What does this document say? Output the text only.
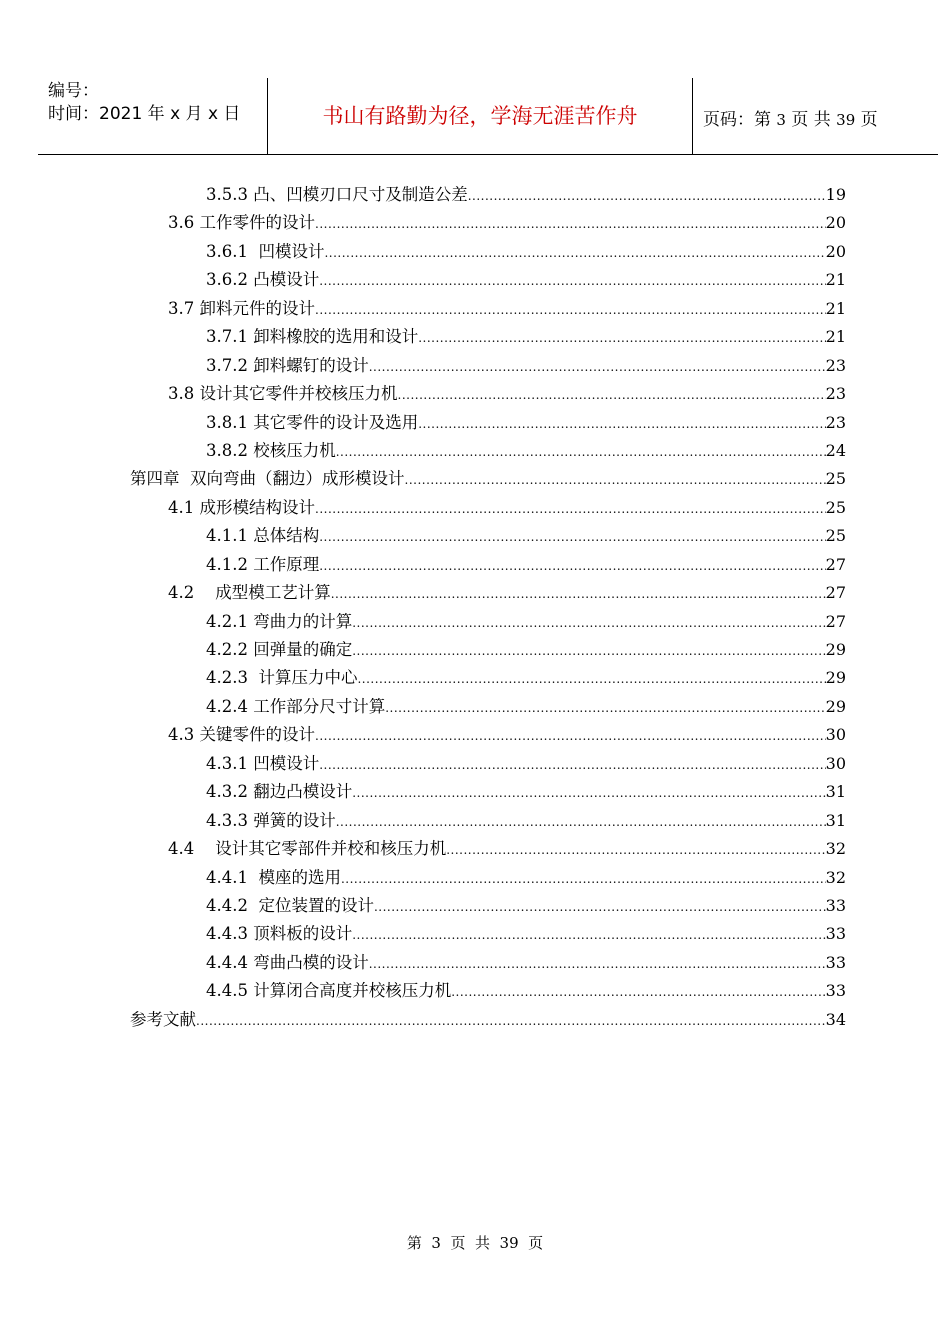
编号：
时间：2021 年 x 月 x 日	书山有路勤为径，学海无涯苦作舟	页码：第 3 页 共 39 页
3.5.3 凸、凹模刃口尺寸及制造公差 .....	19
3.6 工作零件的设计 .....	20
3.6.1  凹模设计 .....	20
3.6.2 凸模设计 .....	21
3.7 卸料元件的设计 .....	21
3.7.1 卸料橡胶的选用和设计 .....	21
3.7.2 卸料螺钉的设计 .....	23
3.8 设计其它零件并校核压力机 .....	23
3.8.1 其它零件的设计及选用 .....	23
3.8.2 校核压力机 .....	24
第四章  双向弯曲（翻边）成形模设计 .....	25
4.1 成形模结构设计 .....	25
4.1.1 总体结构 .....	25
4.1.2 工作原理 .....	27
4.2    成型模工艺计算 .....	27
4.2.1 弯曲力的计算 .....	27
4.2.2 回弹量的确定 .....	29
4.2.3  计算压力中心 .....	29
4.2.4 工作部分尺寸计算 .....	29
4.3 关键零件的设计 .....	30
4.3.1 凹模设计 .....	30
4.3.2 翻边凸模设计 .....	31
4.3.3 弹簧的设计 .....	31
4.4    设计其它零部件并校和核压力机 .....	32
4.4.1  模座的选用 .....	32
4.4.2  定位装置的设计 .....	33
4.4.3 顶料板的设计 .....	33
4.4.4 弯曲凸模的设计 .....	33
4.4.5 计算闭合高度并校核压力机 .....	33
参考文献 .....	34
第  3  页  共  39  页
